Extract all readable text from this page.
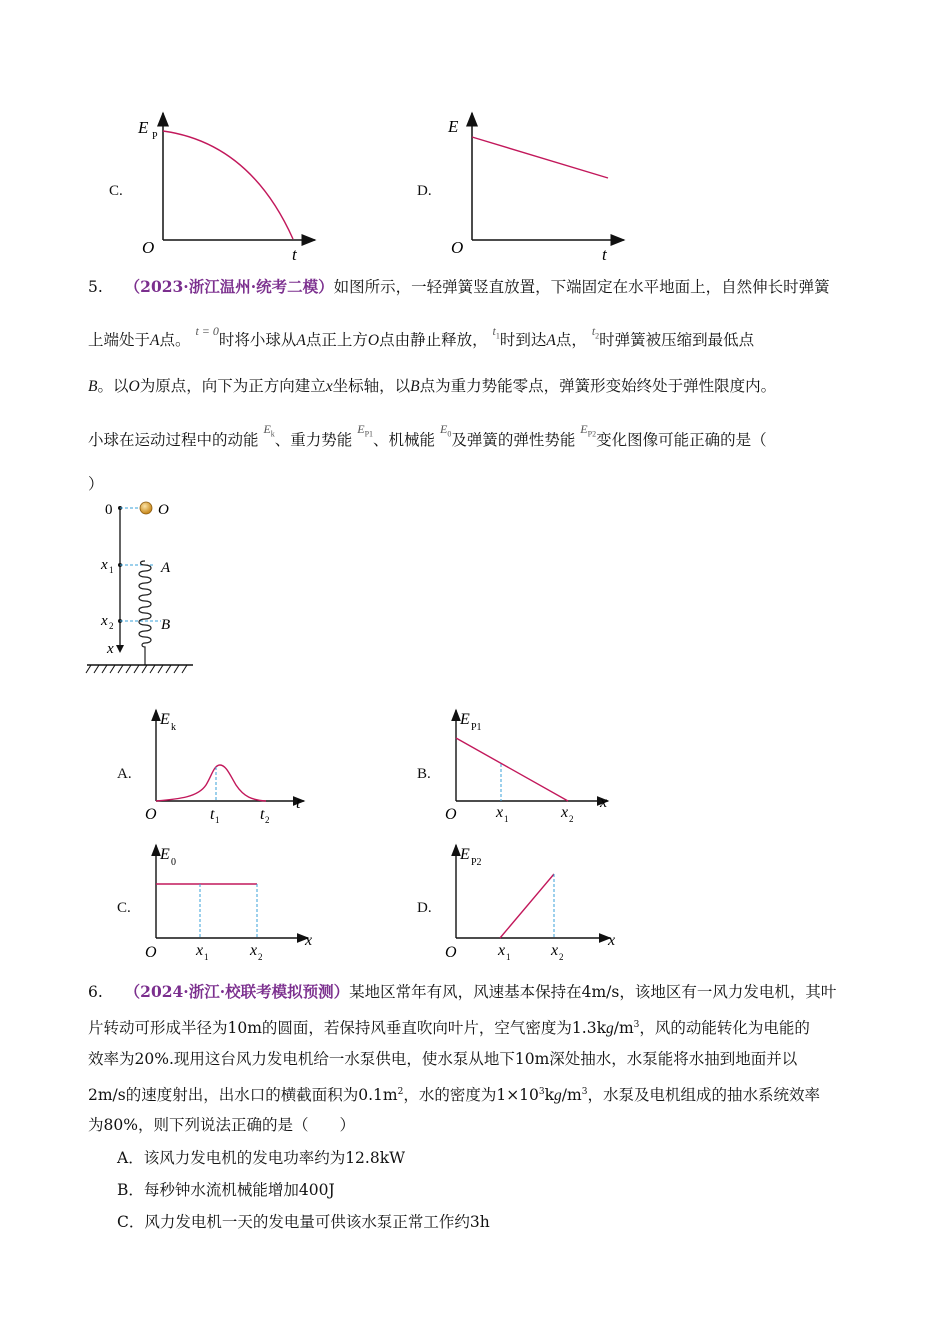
C.
E P
O	t
D.
E
O	t
5. （2023·浙江温州·统考二模）如图所示，一轻弹簧竖直放置，下端固定在水平地面上，自然伸长时弹簧
上端处于A点。 $^{t = 0}$时将小球从A点正上方O点由静止释放， $^{t_1}$时到达A点， $^{t_2}$时弹簧被压缩到最低点
B。以O为原点，向下为正方向建立x坐标轴，以B点为重力势能零点，弹簧形变始终处于弹性限度内。
小球在运动过程中的动能 $^{E_k}$、重力势能 $^{E_{P1}}$、机械能 $^{E_0}$及弹簧的弹性势能 $^{E_{P2}}$变化图像可能正确的是（
）
0	O
x 1	A
x 2	B
x
A.
E k
O	t 1	t 2
t
B.
E P1
O x 1	x 2
x
C.
E 0
O x 1	x 2
x
D.
E P2
O	x 1	x 2
x
6. （2024·浙江·校联考模拟预测）某地区常年有风，风速基本保持在4m/s，该地区有一风力发电机，其叶
片转动可形成半径为10m的圆面，若保持风垂直吹向叶片，空气密度为$1.3kg/m^3$，风的动能转化为电能的
效率为20%.现用这台风力发电机给一水泵供电，使水泵从地下10m深处抽水，水泵能将水抽到地面并以
2m/s的速度射出，出水口的横截面积为$0.1m^2$，水的密度为$1\times 10^3kg/m^3$，水泵及电机组成的抽水系统效率
为80%，则下列说法正确的是（　　）
A．该风力发电机的发电功率约为12.8kW
B．每秒钟水流机械能增加400J
C．风力发电机一天的发电量可供该水泵正常工作约3h
